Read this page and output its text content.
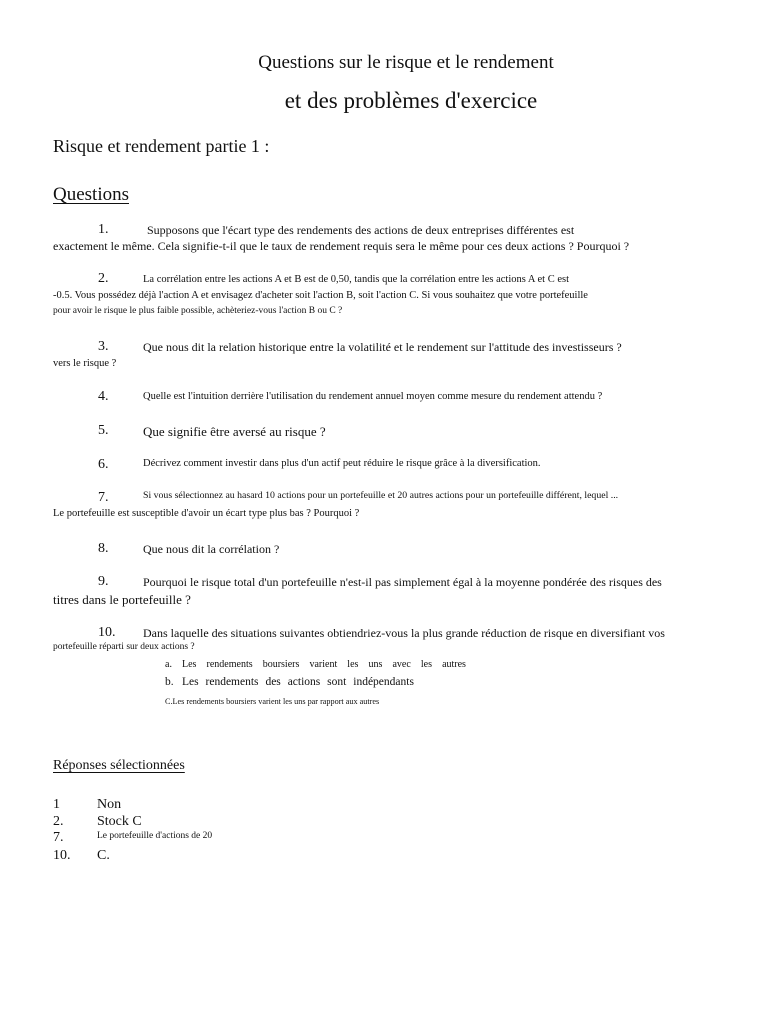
Questions sur le risque et le rendement
et des problèmes d'exercice
Risque et rendement partie 1 :
Questions
1.	Supposons que l'écart type des rendements des actions de deux entreprises différentes est
exactement le même. Cela signifie-t-il que le taux de rendement requis sera le même pour ces deux actions ? Pourquoi ?
2.	La corrélation entre les actions A et B est de 0,50, tandis que la corrélation entre les actions A et C est
-0.5. Vous possédez déjà l'action A et envisagez d'acheter soit l'action B, soit l'action C. Si vous souhaitez que votre portefeuille
pour avoir le risque le plus faible possible, achèteriez-vous l'action B ou C ?
3.	Que nous dit la relation historique entre la volatilité et le rendement sur l'attitude des investisseurs ?
vers le risque ?
4.	Quelle est l'intuition derrière l'utilisation du rendement annuel moyen comme mesure du rendement attendu ?
5.	Que signifie être aversé au risque ?
6.	Décrivez comment investir dans plus d'un actif peut réduire le risque grâce à la diversification.
7.	Si vous sélectionnez au hasard 10 actions pour un portefeuille et 20 autres actions pour un portefeuille différent, lequel ...
Le portefeuille est susceptible d'avoir un écart type plus bas ? Pourquoi ?
8.	Que nous dit la corrélation ?
9.	Pourquoi le risque total d'un portefeuille n'est-il pas simplement égal à la moyenne pondérée des risques des
titres dans le portefeuille ?
10. Dans laquelle des situations suivantes obtiendriez-vous la plus grande réduction de risque en diversifiant vos
portefeuille réparti sur deux actions ?
a. Les rendements boursiers varient les uns avec les autres
b. Les rendements des actions sont indépendants
C.Les rendements boursiers varient les uns par rapport aux autres
Réponses sélectionnées
1	Non
2. Stock C
7.	Le portefeuille d'actions de 20
10. C.
